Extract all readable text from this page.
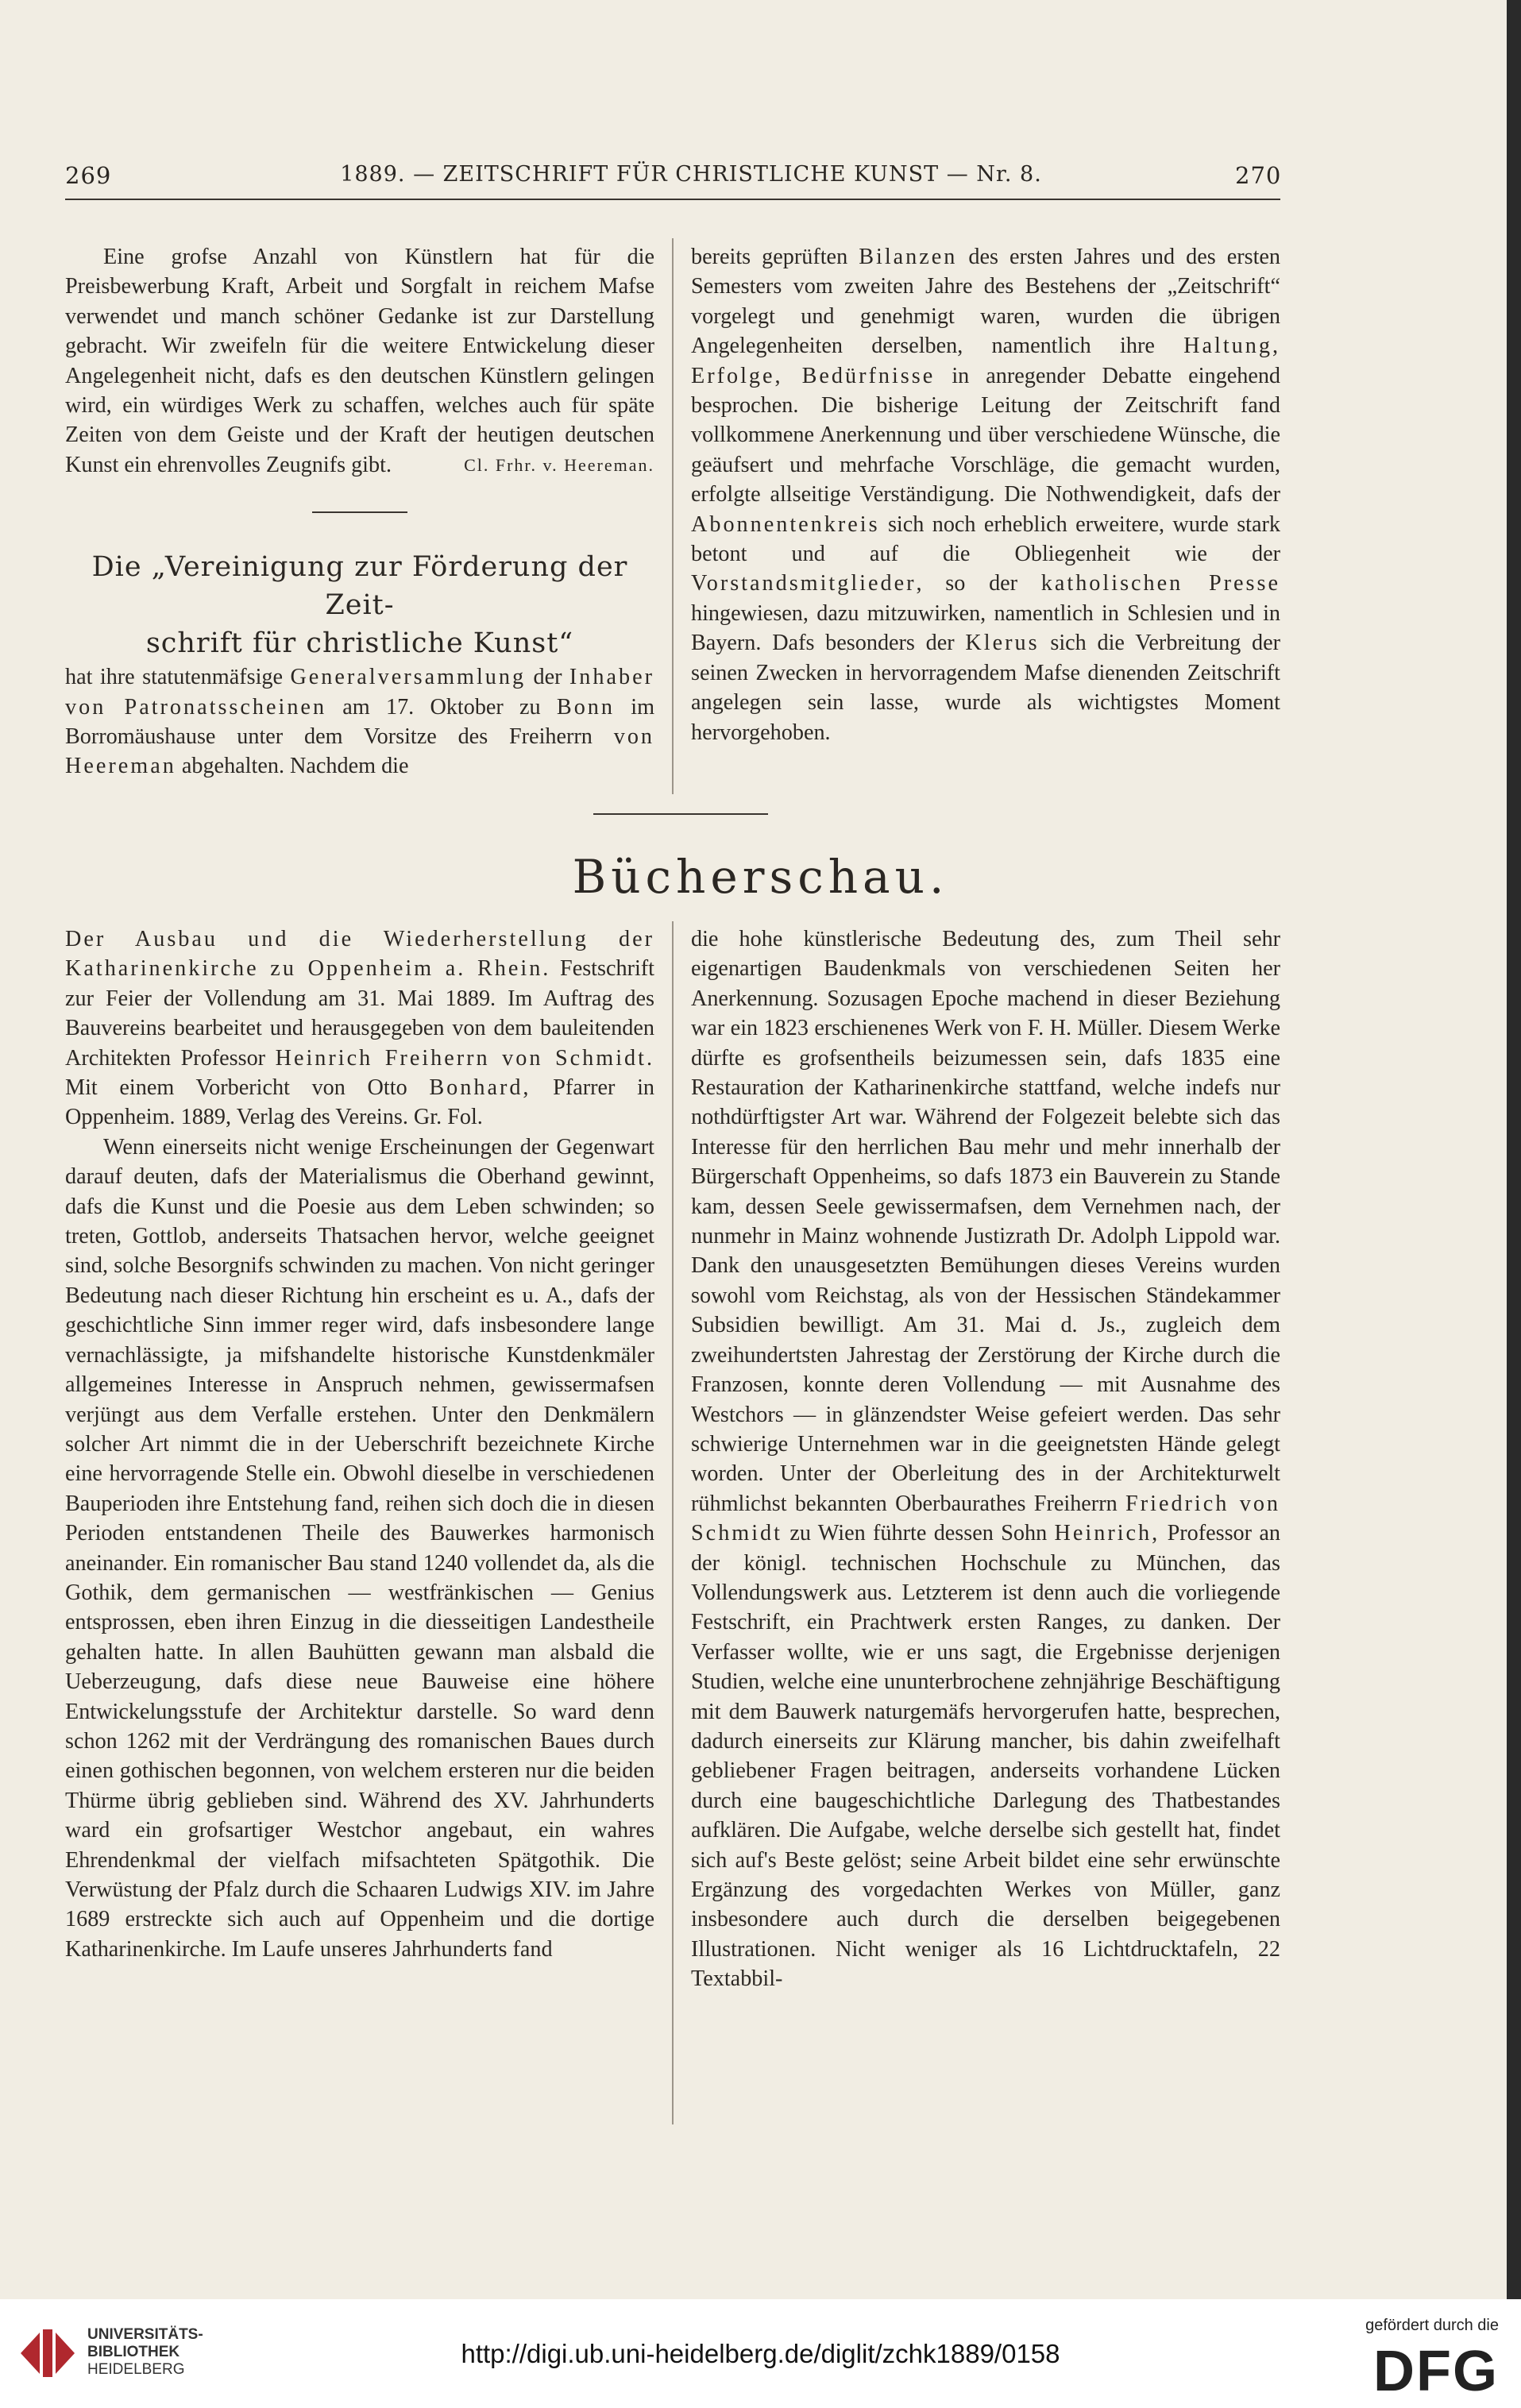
269	1889. — ZEITSCHRIFT FÜR CHRISTLICHE KUNST — Nr. 8.	270

Eine grofse Anzahl von Künstlern hat für die Preisbewerbung Kraft, Arbeit und Sorgfalt in reichem Mafse verwendet und manch schöner Gedanke ist zur Darstellung gebracht. Wir zweifeln für die weitere Entwickelung dieser Angelegenheit nicht, dafs es den deutschen Künstlern gelingen wird, ein würdiges Werk zu schaffen, welches auch für späte Zeiten von dem Geiste und der Kraft der heutigen deutschen Kunst ein ehrenvolles Zeugnifs gibt.	Cl. Frhr. v. Heereman.

Die „Vereinigung zur Förderung der Zeit-
schrift für christliche Kunst“

hat ihre statutenmäfsige Generalversammlung der Inhaber von Patronatsscheinen am 17. Oktober zu Bonn im Borromäushause unter dem Vorsitze des Freiherrn von Heereman abgehalten. Nachdem die

bereits geprüften Bilanzen des ersten Jahres und des ersten Semesters vom zweiten Jahre des Bestehens der „Zeitschrift“ vorgelegt und genehmigt waren, wurden die übrigen Angelegenheiten derselben, namentlich ihre Haltung, Erfolge, Bedürfnisse in anregender Debatte eingehend besprochen. Die bisherige Leitung der Zeitschrift fand vollkommene Anerkennung und über verschiedene Wünsche, die geäufsert und mehrfache Vorschläge, die gemacht wurden, erfolgte allseitige Verständigung. Die Nothwendigkeit, dafs der Abonnentenkreis sich noch erheblich erweitere, wurde stark betont und auf die Obliegenheit wie der Vorstandsmitglieder, so der katholischen Presse hingewiesen, dazu mitzuwirken, namentlich in Schlesien und in Bayern. Dafs besonders der Klerus sich die Verbreitung der seinen Zwecken in hervorragendem Mafse dienenden Zeitschrift angelegen sein lasse, wurde als wichtigstes Moment hervorgehoben.

Bücherschau.

Der Ausbau und die Wiederherstellung der Katharinenkirche zu Oppenheim a. Rhein. Festschrift zur Feier der Vollendung am 31. Mai 1889. Im Auftrag des Bauvereins bearbeitet und herausgegeben von dem bauleitenden Architekten Professor Heinrich Freiherrn von Schmidt. Mit einem Vorbericht von Otto Bonhard, Pfarrer in Oppenheim. 1889, Verlag des Vereins. Gr. Fol.

Wenn einerseits nicht wenige Erscheinungen der Gegenwart darauf deuten, dafs der Materialismus die Oberhand gewinnt, dafs die Kunst und die Poesie aus dem Leben schwinden; so treten, Gottlob, anderseits Thatsachen hervor, welche geeignet sind, solche Besorgnifs schwinden zu machen. Von nicht geringer Bedeutung nach dieser Richtung hin erscheint es u. A., dafs der geschichtliche Sinn immer reger wird, dafs insbesondere lange vernachlässigte, ja mifshandelte historische Kunstdenkmäler allgemeines Interesse in Anspruch nehmen, gewissermafsen verjüngt aus dem Verfalle erstehen. Unter den Denkmälern solcher Art nimmt die in der Ueberschrift bezeichnete Kirche eine hervorragende Stelle ein. Obwohl dieselbe in verschiedenen Bauperioden ihre Entstehung fand, reihen sich doch die in diesen Perioden entstandenen Theile des Bauwerkes harmonisch aneinander. Ein romanischer Bau stand 1240 vollendet da, als die Gothik, dem germanischen — westfränkischen — Genius entsprossen, eben ihren Einzug in die diesseitigen Landestheile gehalten hatte. In allen Bauhütten gewann man alsbald die Ueberzeugung, dafs diese neue Bauweise eine höhere Entwickelungsstufe der Architektur darstelle. So ward denn schon 1262 mit der Verdrängung des romanischen Baues durch einen gothischen begonnen, von welchem ersteren nur die beiden Thürme übrig geblieben sind. Während des XV. Jahrhunderts ward ein grofsartiger Westchor angebaut, ein wahres Ehrendenkmal der vielfach mifsachteten Spätgothik. Die Verwüstung der Pfalz durch die Schaaren Ludwigs XIV. im Jahre 1689 erstreckte sich auch auf Oppenheim und die dortige Katharinenkirche. Im Laufe unseres Jahrhunderts fand

die hohe künstlerische Bedeutung des, zum Theil sehr eigenartigen Baudenkmals von verschiedenen Seiten her Anerkennung. Sozusagen Epoche machend in dieser Beziehung war ein 1823 erschienenes Werk von F. H. Müller. Diesem Werke dürfte es grofsentheils beizumessen sein, dafs 1835 eine Restauration der Katharinenkirche stattfand, welche indefs nur nothdürftigster Art war. Während der Folgezeit belebte sich das Interesse für den herrlichen Bau mehr und mehr innerhalb der Bürgerschaft Oppenheims, so dafs 1873 ein Bauverein zu Stande kam, dessen Seele gewissermafsen, dem Vernehmen nach, der nunmehr in Mainz wohnende Justizrath Dr. Adolph Lippold war. Dank den unausgesetzten Bemühungen dieses Vereins wurden sowohl vom Reichstag, als von der Hessischen Ständekammer Subsidien bewilligt. Am 31. Mai d. Js., zugleich dem zweihundertsten Jahrestag der Zerstörung der Kirche durch die Franzosen, konnte deren Vollendung — mit Ausnahme des Westchors — in glänzendster Weise gefeiert werden. Das sehr schwierige Unternehmen war in die geeignetsten Hände gelegt worden. Unter der Oberleitung des in der Architekturwelt rühmlichst bekannten Oberbaurathes Freiherrn Friedrich von Schmidt zu Wien führte dessen Sohn Heinrich, Professor an der königl. technischen Hochschule zu München, das Vollendungswerk aus. Letzterem ist denn auch die vorliegende Festschrift, ein Prachtwerk ersten Ranges, zu danken. Der Verfasser wollte, wie er uns sagt, die Ergebnisse derjenigen Studien, welche eine ununterbrochene zehnjährige Beschäftigung mit dem Bauwerk naturgemäfs hervorgerufen hatte, besprechen, dadurch einerseits zur Klärung mancher, bis dahin zweifelhaft gebliebener Fragen beitragen, anderseits vorhandene Lücken durch eine baugeschichtliche Darlegung des Thatbestandes aufklären. Die Aufgabe, welche derselbe sich gestellt hat, findet sich auf's Beste gelöst; seine Arbeit bildet eine sehr erwünschte Ergänzung des vorgedachten Werkes von Müller, ganz insbesondere auch durch die derselben beigegebenen Illustrationen. Nicht weniger als 16 Lichtdrucktafeln, 22 Textabbil-

UNIVERSITÄTS-
BIBLIOTHEK
HEIDELBERG
http://digi.ub.uni-heidelberg.de/diglit/zchk1889/0158
gefördert durch die
DFG
